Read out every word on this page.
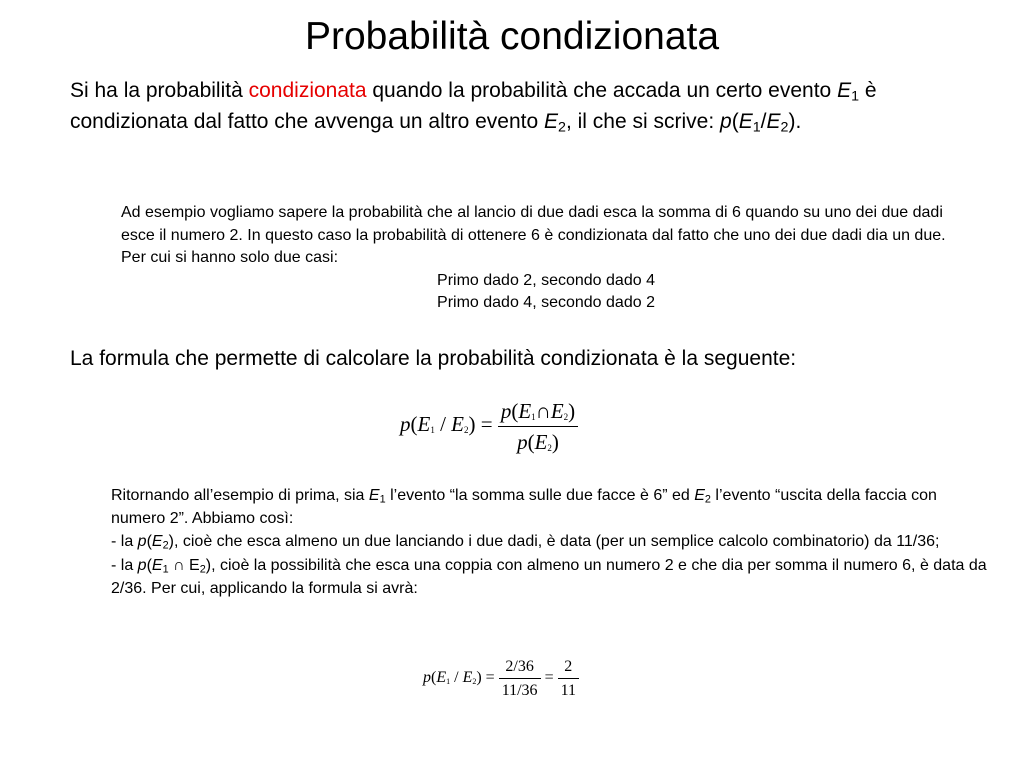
Probabilità condizionata
Si ha la probabilità condizionata quando la probabilità che accada un certo evento $E_1$ è condizionata dal fatto che avvenga un altro evento $E_2$, il che si scrive: $p(E_1/E_2)$.
Ad esempio vogliamo sapere la probabilità che al lancio di due dadi esca la somma di 6 quando su uno dei due dadi esce il numero 2. In questo caso la probabilità di ottenere 6 è condizionata dal fatto che uno dei due dadi dia un due. Per cui si hanno solo due casi:
Primo dado 2, secondo dado 4
Primo dado 4, secondo dado 2
La formula che permette di calcolare la probabilità condizionata è la seguente:
$p(E_1 / E_2) = \frac{p(E_1\cap E_2)}{p(E_2)}$
Ritornando all’esempio di prima, sia $E_1$ l’evento “la somma sulle due facce è 6” ed $E_2$ l’evento “uscita della faccia con numero 2”. Abbiamo così:
- la $p(E_2)$, cioè che esca almeno un due lanciando i due dadi, è data (per un semplice calcolo combinatorio) da 11/36;
- la $p(E_1$ ∩ $E_2$), cioè la possibilità che esca una coppia con almeno un numero 2 e che dia per somma il numero 6, è data da 2/36. Per cui, applicando la formula si avrà:
$p(E_1 / E_2) = \frac{2/36}{11/36} = \frac{2}{11}$
